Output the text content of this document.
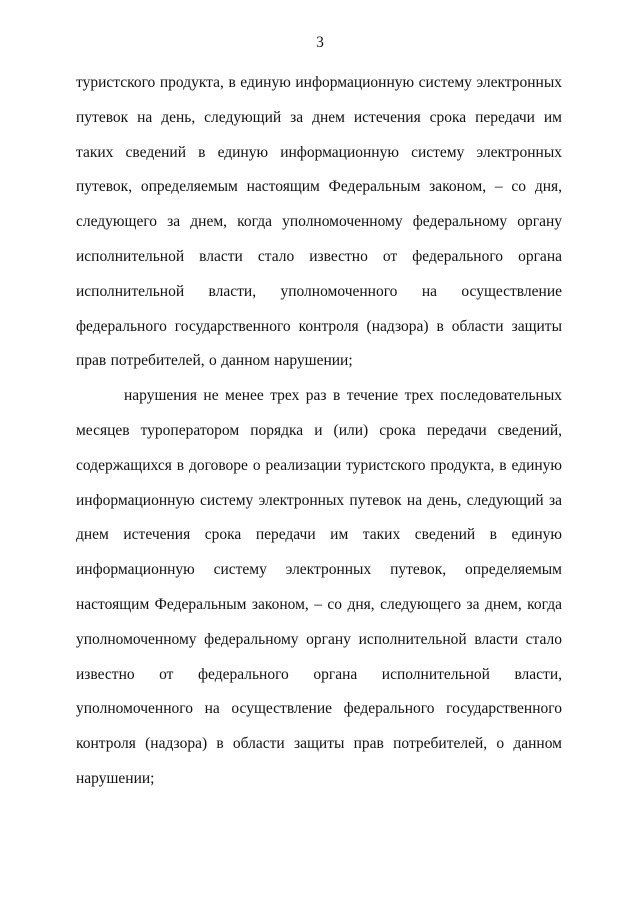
3

туристского продукта, в единую информационную систему электронных путевок на день, следующий за днем истечения срока передачи им таких сведений в единую информационную систему электронных путевок, определяемым настоящим Федеральным законом, – со дня, следующего за днем, когда уполномоченному федеральному органу исполнительной власти стало известно от федерального органа исполнительной власти, уполномоченного на осуществление федерального государственного контроля (надзора) в области защиты прав потребителей, о данном нарушении;

нарушения не менее трех раз в течение трех последовательных месяцев туроператором порядка и (или) срока передачи сведений, содержащихся в договоре о реализации туристского продукта, в единую информационную систему электронных путевок на день, следующий за днем истечения срока передачи им таких сведений в единую информационную систему электронных путевок, определяемым настоящим Федеральным законом, – со дня, следующего за днем, когда уполномоченному федеральному органу исполнительной власти стало известно от федерального органа исполнительной власти, уполномоченного на осуществление федерального государственного контроля (надзора) в области защиты прав потребителей, о данном нарушении;
